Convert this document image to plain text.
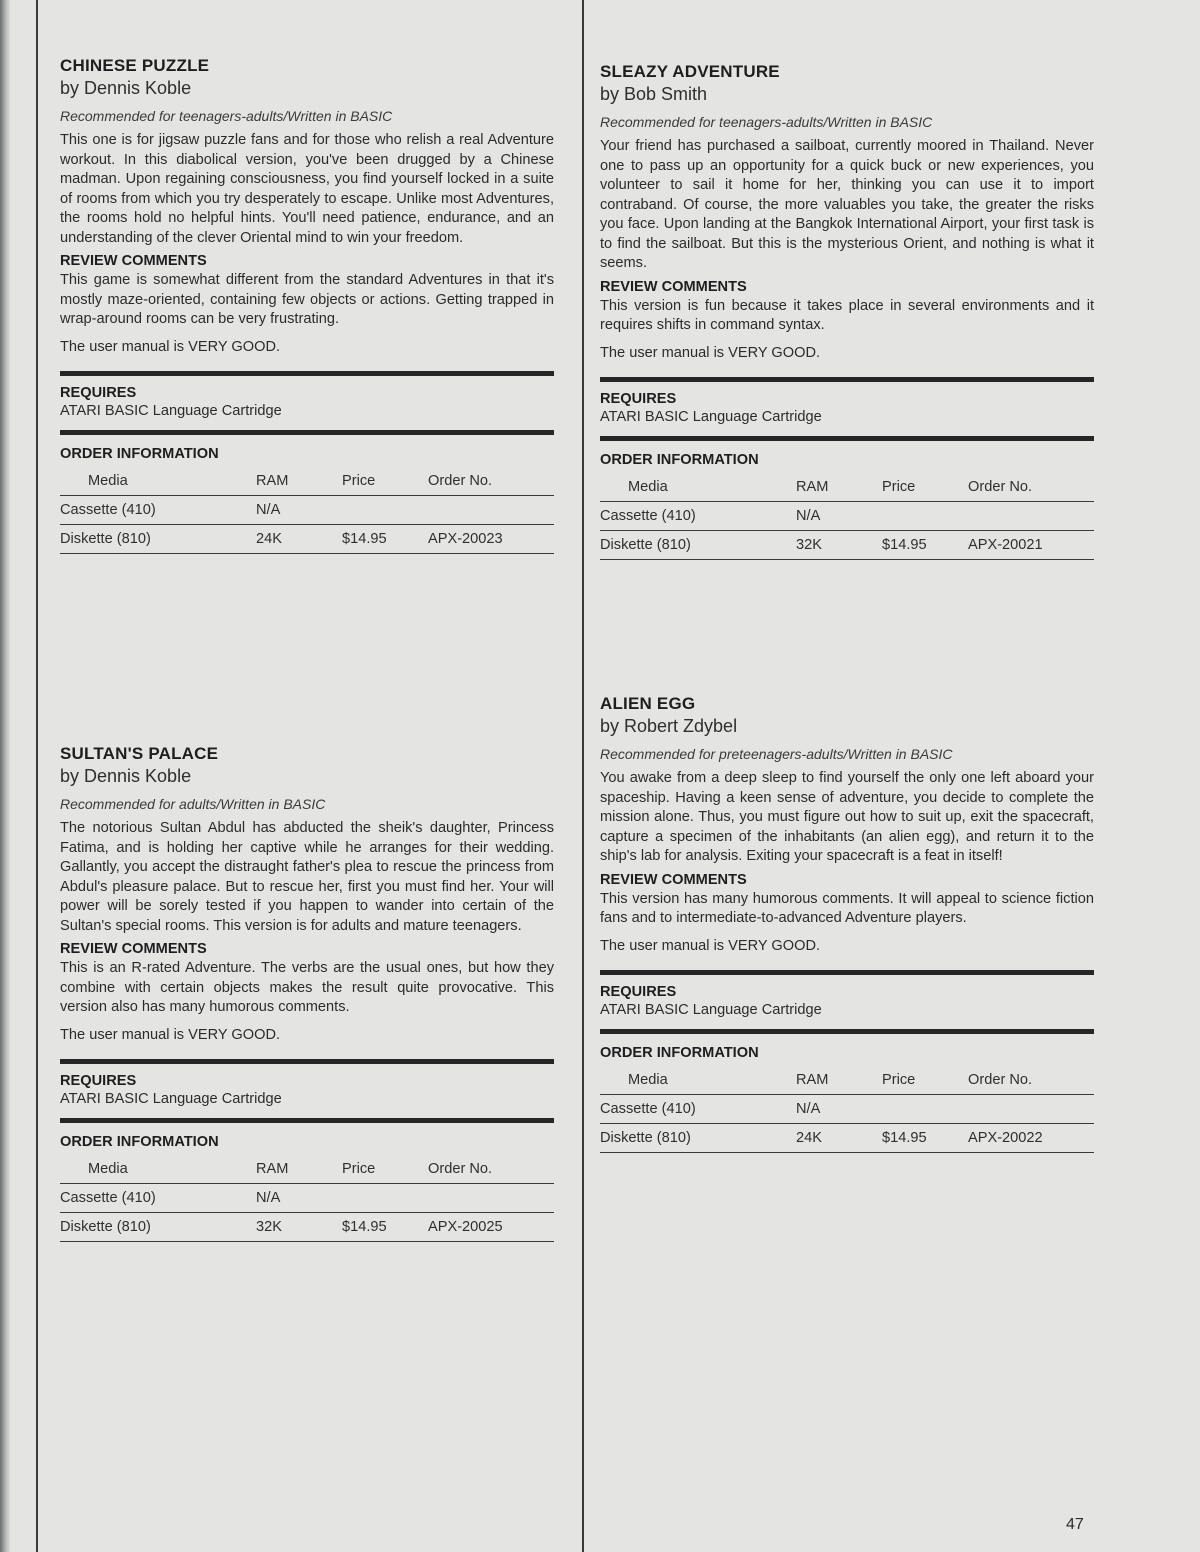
CHINESE PUZZLE
by Dennis Koble
Recommended for teenagers-adults/Written in BASIC

This one is for jigsaw puzzle fans and for those who relish a real Adventure workout. In this diabolical version, you've been drugged by a Chinese madman. Upon regaining consciousness, you find yourself locked in a suite of rooms from which you try desperately to escape. Unlike most Adventures, the rooms hold no helpful hints. You'll need patience, endurance, and an understanding of the clever Oriental mind to win your freedom.

REVIEW COMMENTS

This game is somewhat different from the standard Adventures in that it's mostly maze-oriented, containing few objects or actions. Getting trapped in wrap-around rooms can be very frustrating.

The user manual is VERY GOOD.
REQUIRES
ATARI BASIC Language Cartridge
ORDER INFORMATION
Media	RAM	Price	Order No.
Cassette (410)	N/A		
Diskette (810)	24K	$14.95	APX-20023
SULTAN'S PALACE
by Dennis Koble
Recommended for adults/Written in BASIC

The notorious Sultan Abdul has abducted the sheik's daughter, Princess Fatima, and is holding her captive while he arranges for their wedding. Gallantly, you accept the distraught father's plea to rescue the princess from Abdul's pleasure palace. But to rescue her, first you must find her. Your will power will be sorely tested if you happen to wander into certain of the Sultan's special rooms. This version is for adults and mature teenagers.

REVIEW COMMENTS

This is an R-rated Adventure. The verbs are the usual ones, but how they combine with certain objects makes the result quite provocative. This version also has many humorous comments.

The user manual is VERY GOOD.
REQUIRES
ATARI BASIC Language Cartridge
ORDER INFORMATION
Media	RAM	Price	Order No.
Cassette (410)	N/A		
Diskette (810)	32K	$14.95	APX-20025
SLEAZY ADVENTURE
by Bob Smith
Recommended for teenagers-adults/Written in BASIC

Your friend has purchased a sailboat, currently moored in Thailand. Never one to pass up an opportunity for a quick buck or new experiences, you volunteer to sail it home for her, thinking you can use it to import contraband. Of course, the more valuables you take, the greater the risks you face. Upon landing at the Bangkok International Airport, your first task is to find the sailboat. But this is the mysterious Orient, and nothing is what it seems.

REVIEW COMMENTS

This version is fun because it takes place in several environments and it requires shifts in command syntax.

The user manual is VERY GOOD.
REQUIRES
ATARI BASIC Language Cartridge
ORDER INFORMATION
Media	RAM	Price	Order No.
Cassette (410)	N/A		
Diskette (810)	32K	$14.95	APX-20021
ALIEN EGG
by Robert Zdybel
Recommended for preteenagers-adults/Written in BASIC

You awake from a deep sleep to find yourself the only one left aboard your spaceship. Having a keen sense of adventure, you decide to complete the mission alone. Thus, you must figure out how to suit up, exit the spacecraft, capture a specimen of the inhabitants (an alien egg), and return it to the ship's lab for analysis. Exiting your spacecraft is a feat in itself!

REVIEW COMMENTS

This version has many humorous comments. It will appeal to science fiction fans and to intermediate-to-advanced Adventure players.

The user manual is VERY GOOD.
REQUIRES
ATARI BASIC Language Cartridge
ORDER INFORMATION
Media	RAM	Price	Order No.
Cassette (410)	N/A		
Diskette (810)	24K	$14.95	APX-20022
47
